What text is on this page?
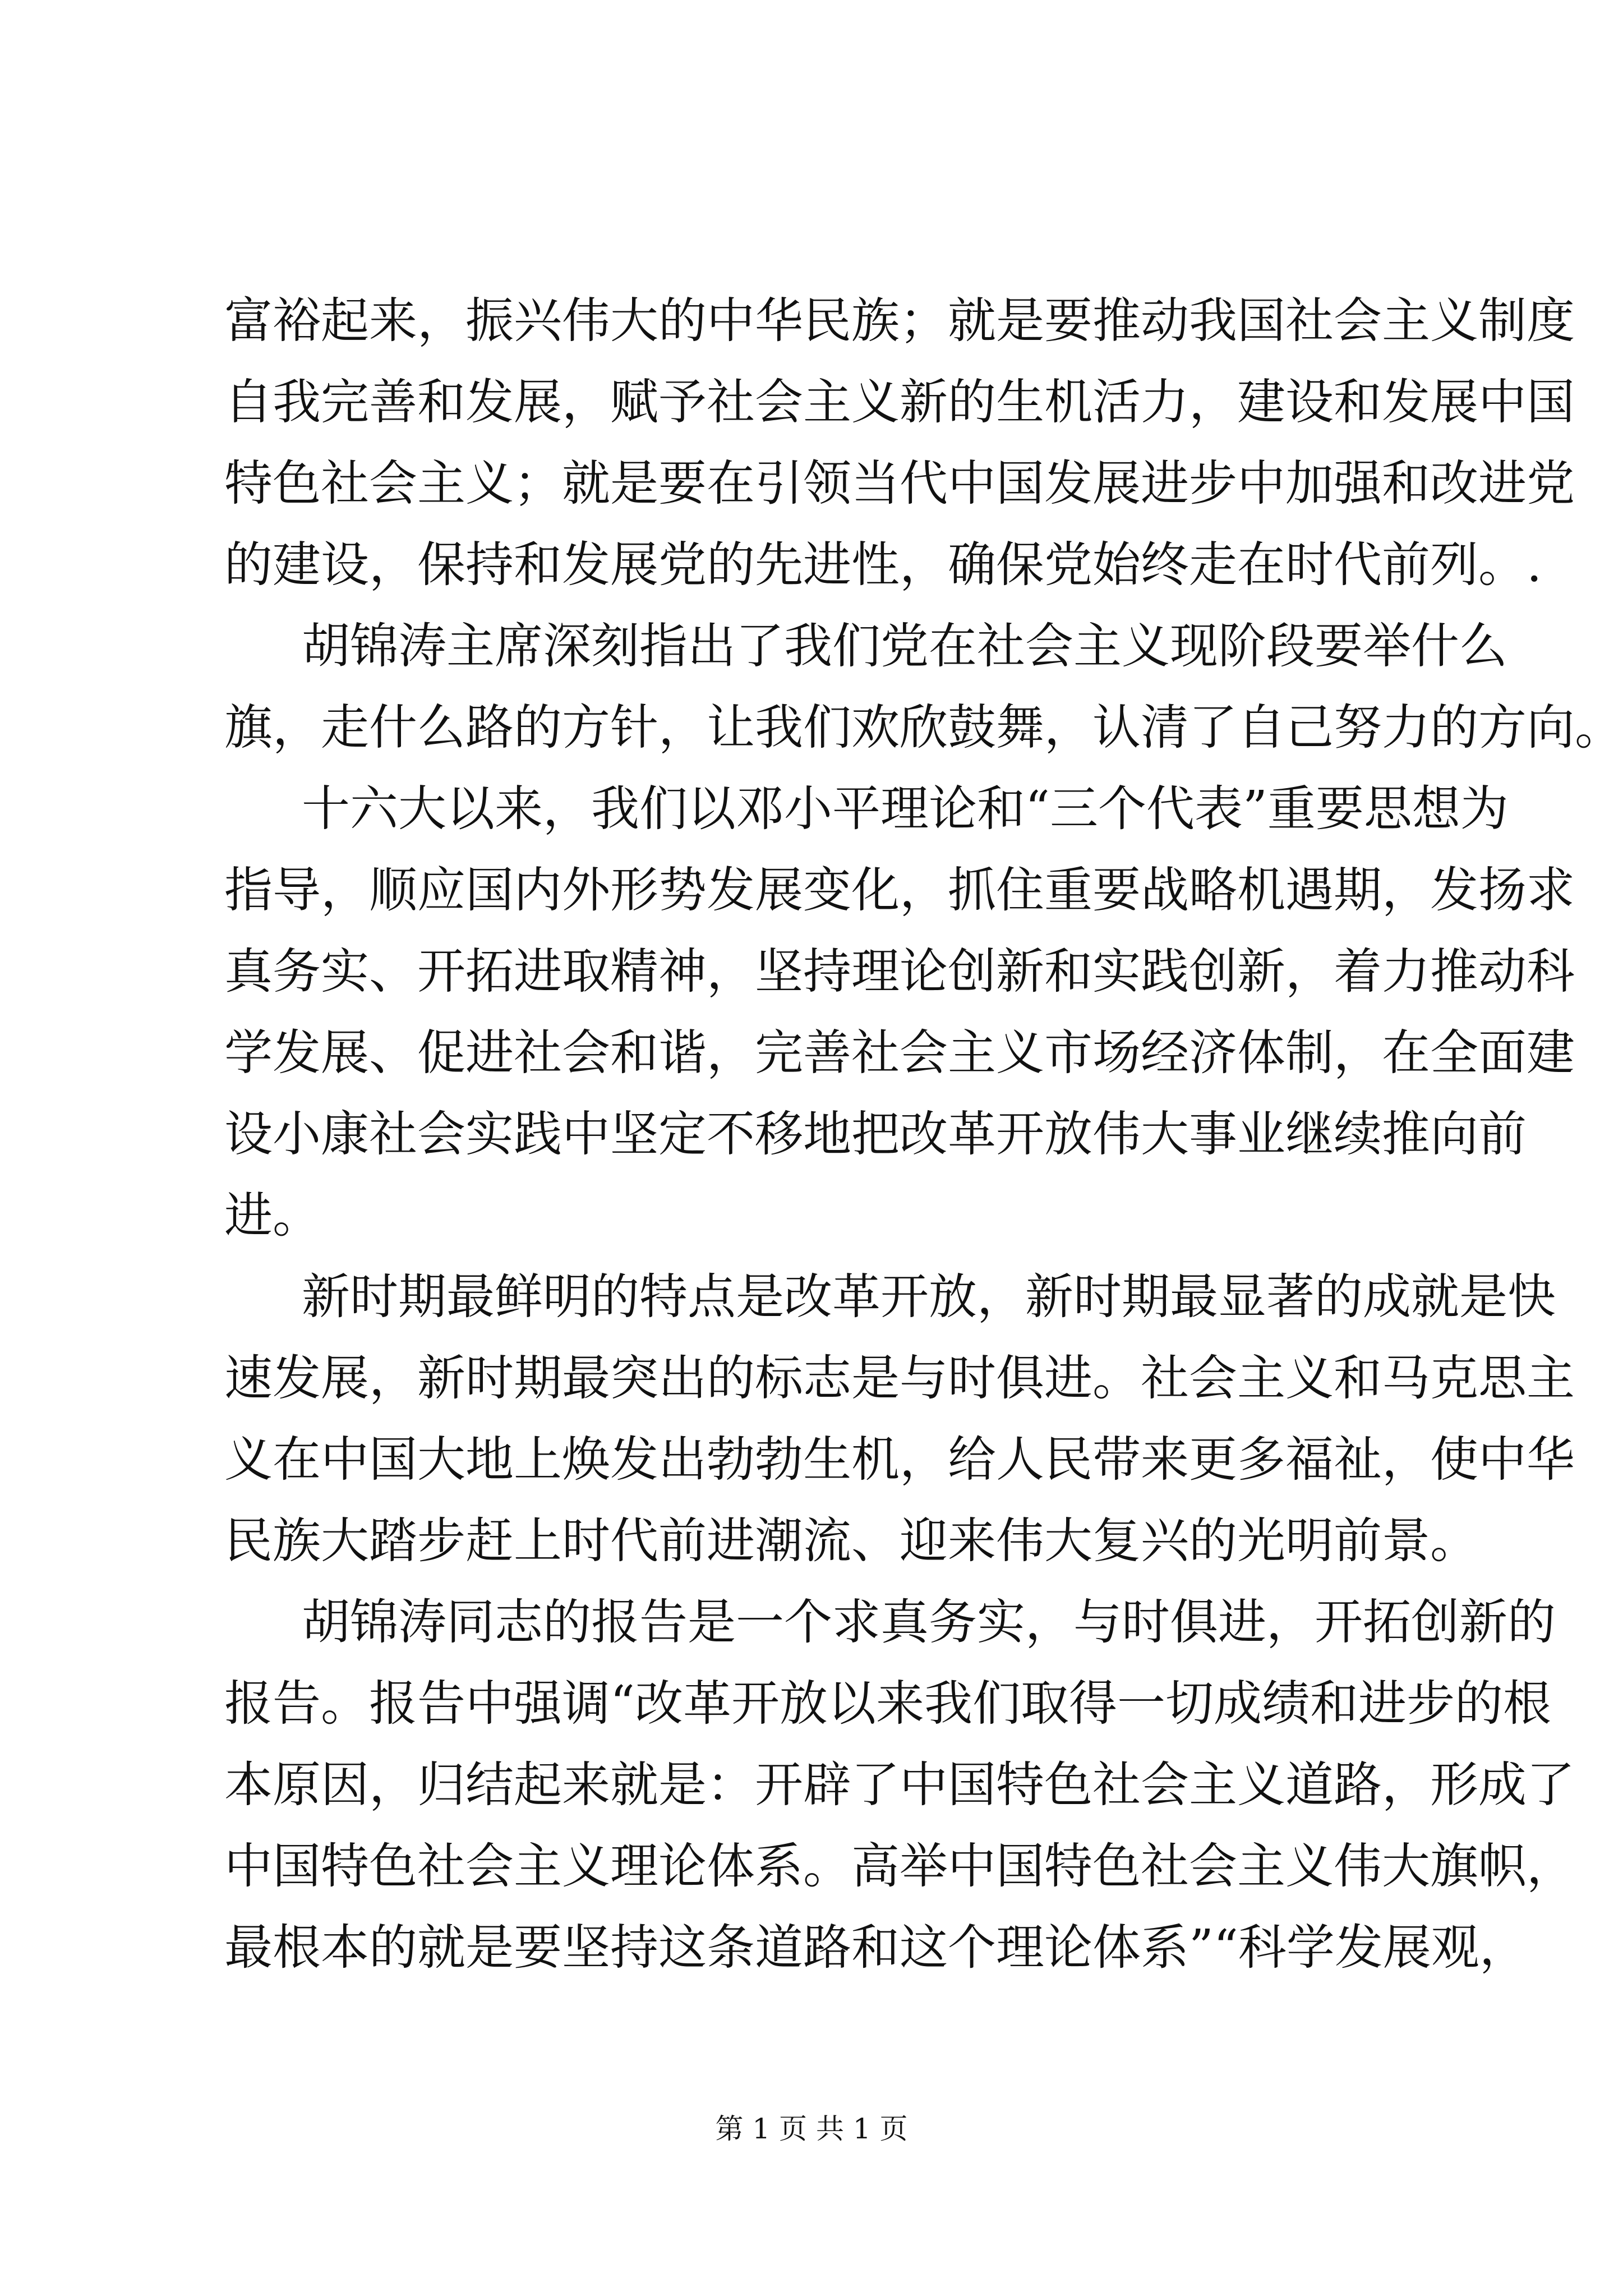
富裕起来，振兴伟大的中华民族；就是要推动我国社会主义制度
自我完善和发展，赋予社会主义新的生机活力，建设和发展中国
特色社会主义；就是要在引领当代中国发展进步中加强和改进党
的建设，保持和发展党的先进性，确保党始终走在时代前列。.
胡锦涛主席深刻指出了我们党在社会主义现阶段要举什么
旗，走什么路的方针，让我们欢欣鼓舞，认清了自己努力的方向。
十六大以来，我们以邓小平理论和“三个代表”重要思想为
指导，顺应国内外形势发展变化，抓住重要战略机遇期，发扬求
真务实、开拓进取精神，坚持理论创新和实践创新，着力推动科
学发展、促进社会和谐，完善社会主义市场经济体制，在全面建
设小康社会实践中坚定不移地把改革开放伟大事业继续推向前
进。
新时期最鲜明的特点是改革开放，新时期最显著的成就是快
速发展，新时期最突出的标志是与时俱进。社会主义和马克思主
义在中国大地上焕发出勃勃生机，给人民带来更多福祉，使中华
民族大踏步赶上时代前进潮流、迎来伟大复兴的光明前景。
胡锦涛同志的报告是一个求真务实，与时俱进，开拓创新的
报告。报告中强调“改革开放以来我们取得一切成绩和进步的根
本原因，归结起来就是：开辟了中国特色社会主义道路，形成了
中国特色社会主义理论体系。高举中国特色社会主义伟大旗帜，
最根本的就是要坚持这条道路和这个理论体系”“科学发展观，
第 1 页 共 1 页
